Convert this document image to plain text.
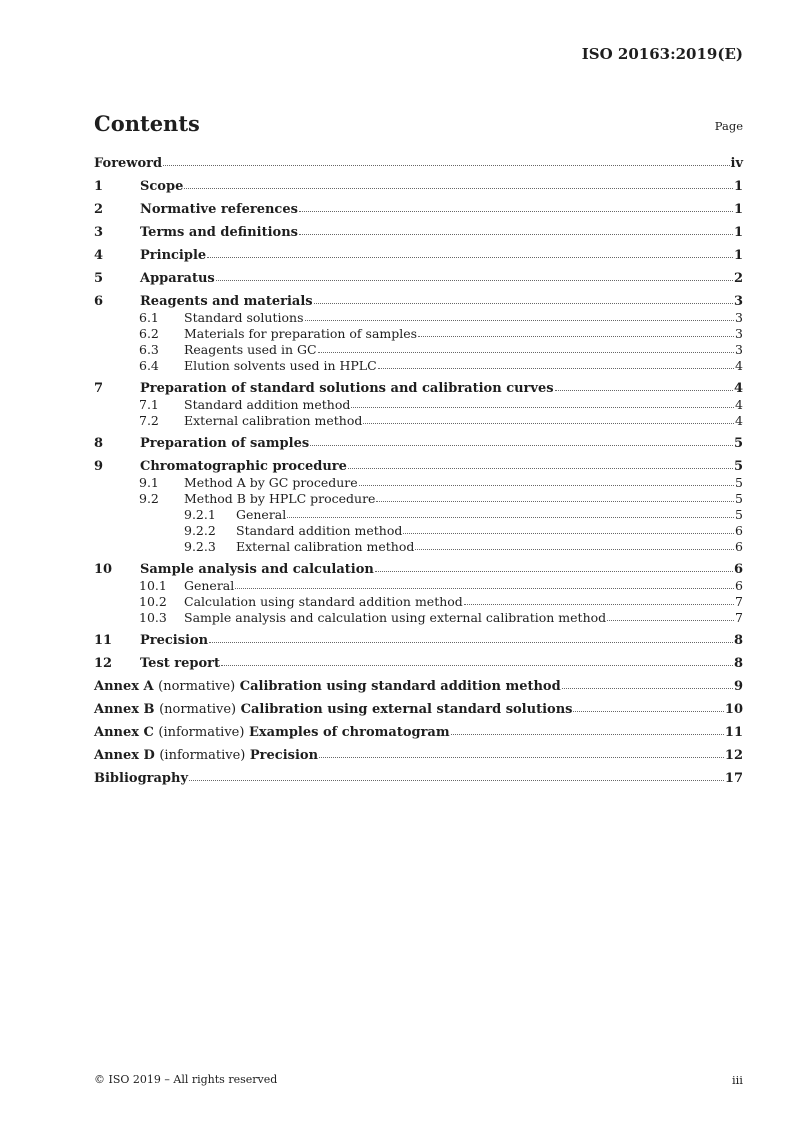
ISO 20163:2019(E)
Contents	Page
Foreword	iv
1	Scope	1
2	Normative references	1
3	Terms and definitions	1
4	Principle	1
5	Apparatus	2
6	Reagents and materials	3
6.1	Standard solutions	3
6.2	Materials for preparation of samples	3
6.3	Reagents used in GC	3
6.4	Elution solvents used in HPLC	4
7	Preparation of standard solutions and calibration curves	4
7.1	Standard addition method	4
7.2	External calibration method	4
8	Preparation of samples	5
9	Chromatographic procedure	5
9.1	Method A by GC procedure	5
9.2	Method B by HPLC procedure	5
9.2.1	General	5
9.2.2	Standard addition method	6
9.2.3	External calibration method	6
10	Sample analysis and calculation	6
10.1	General	6
10.2	Calculation using standard addition method	7
10.3	Sample analysis and calculation using external calibration method	7
11	Precision	8
12	Test report	8
Annex A (normative) Calibration using standard addition method	9
Annex B (normative) Calibration using external standard solutions	10
Annex C (informative) Examples of chromatogram	11
Annex D (informative) Precision	12
Bibliography	17
© ISO 2019 – All rights reserved	iii
